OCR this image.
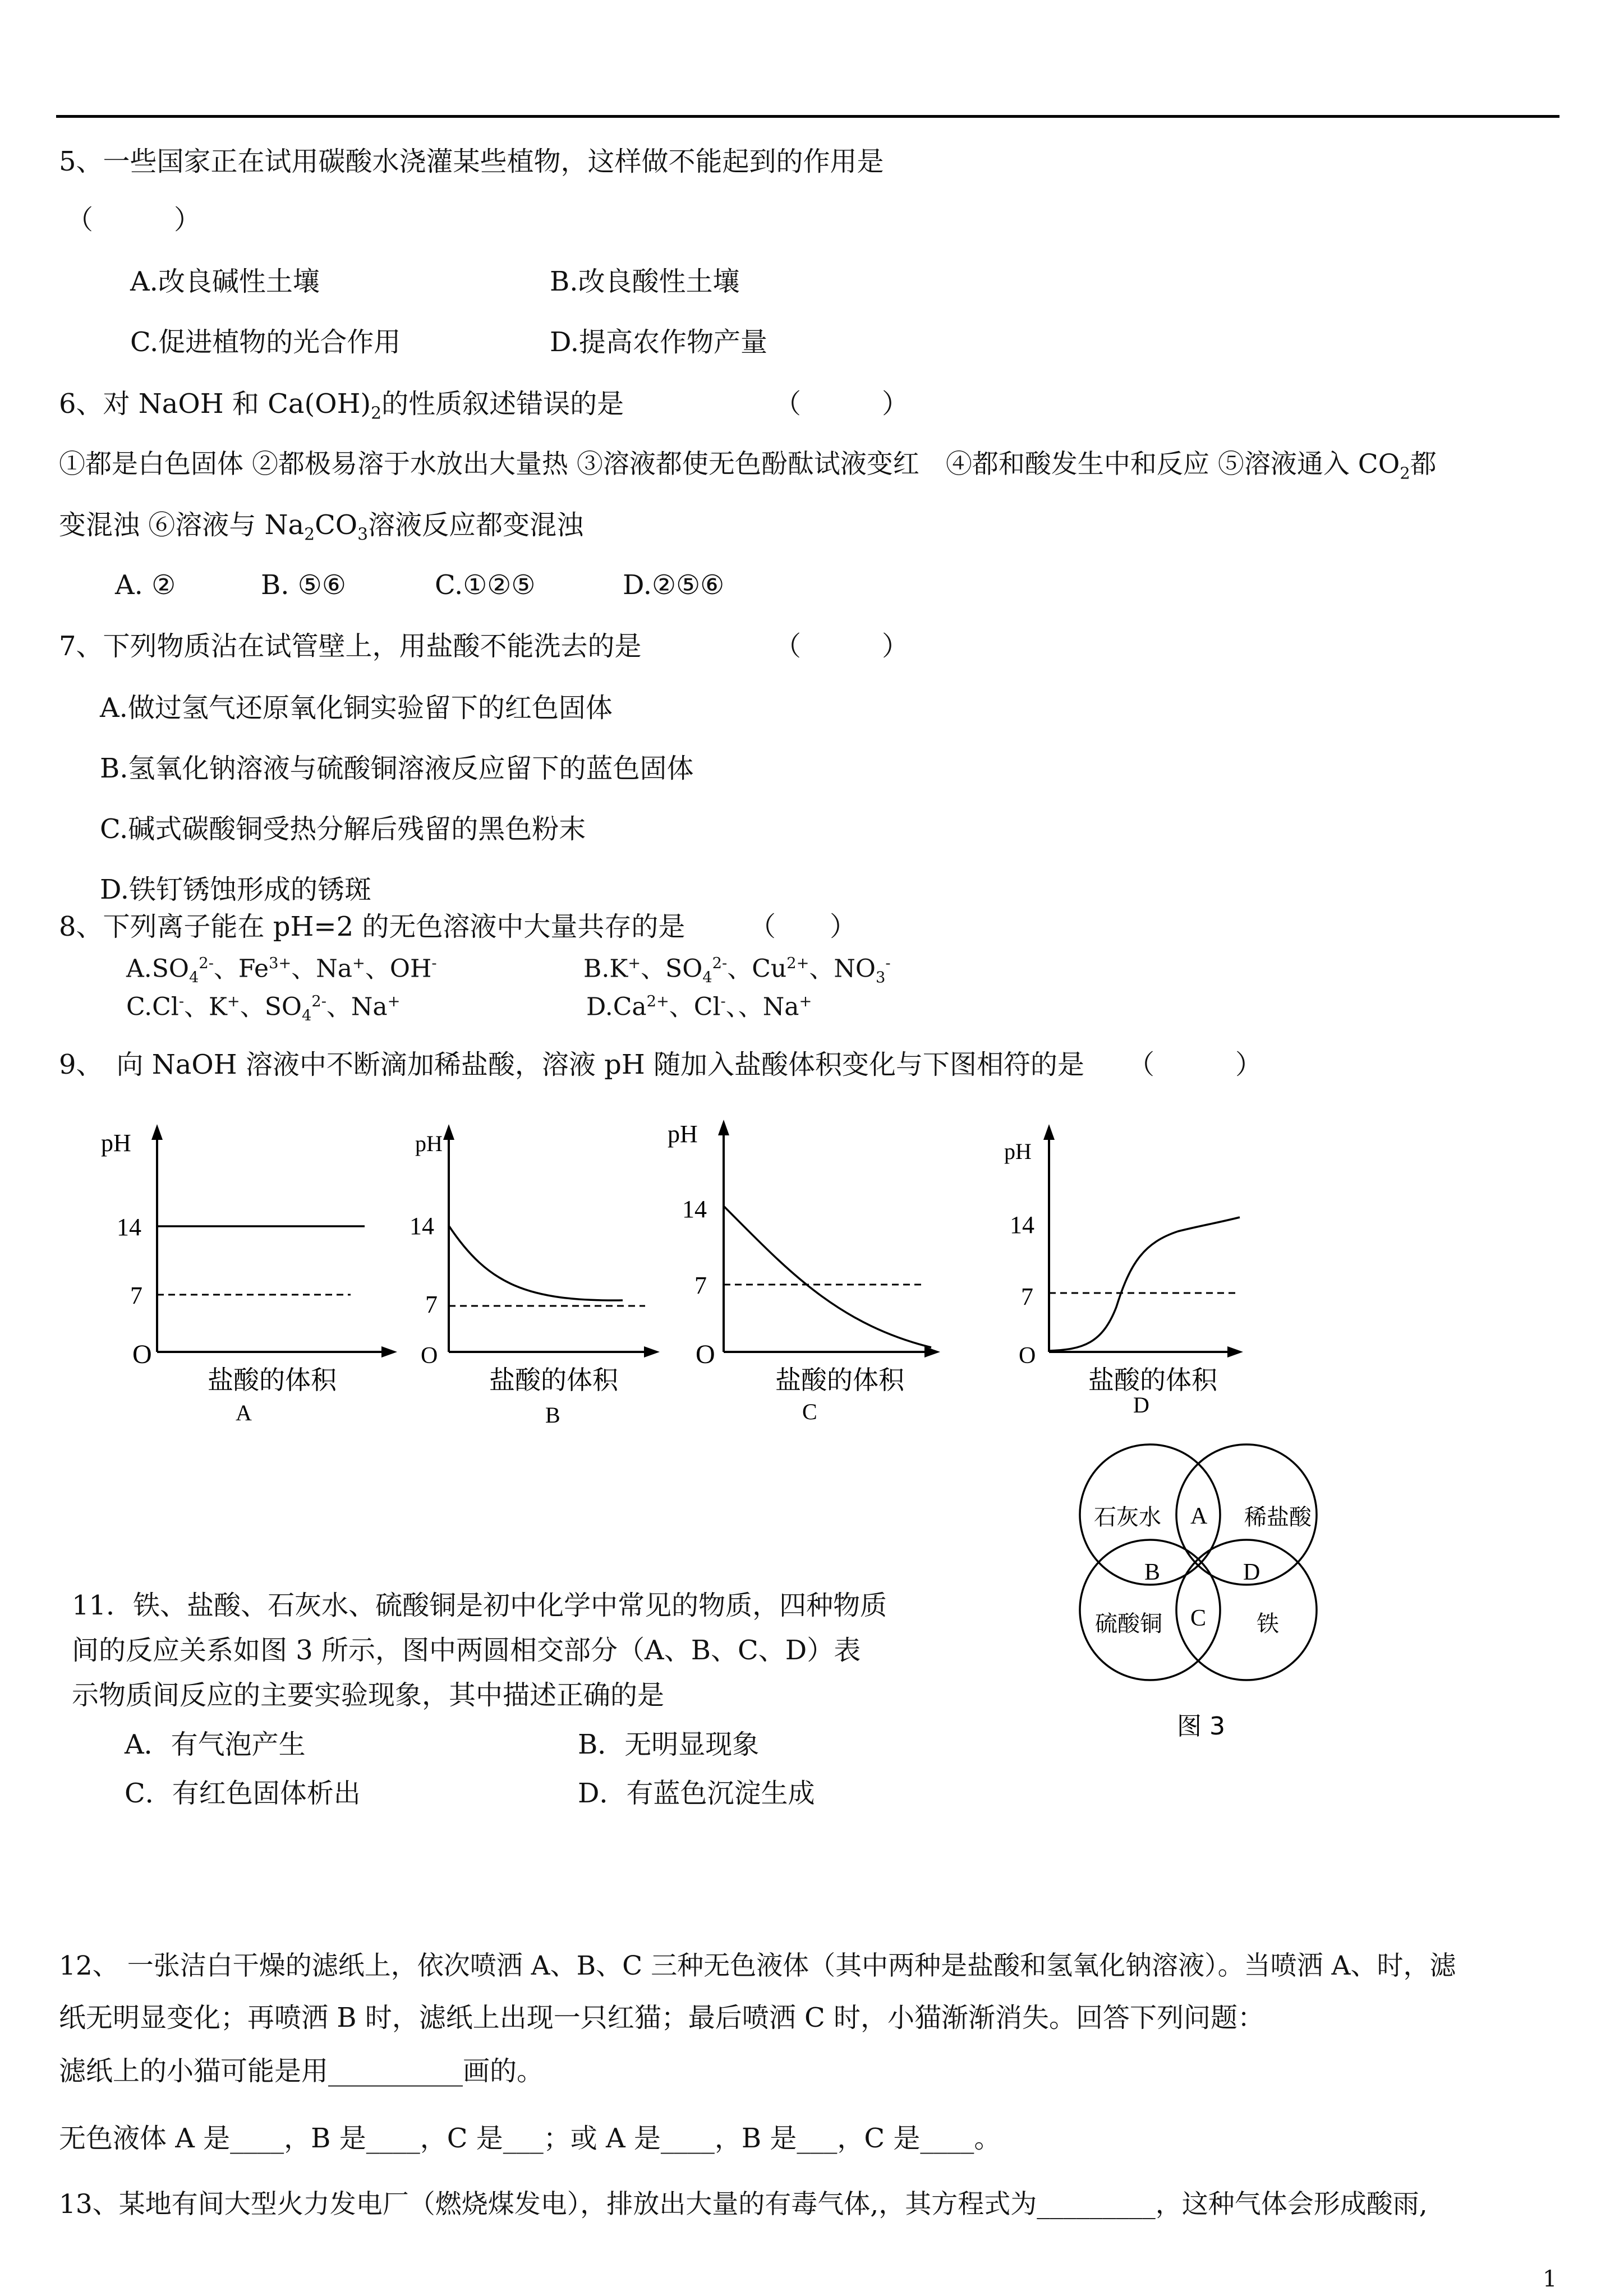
5、一些国家正在试用碳酸水浇灌某些植物，这样做不能起到的作用是
（　　　）
A.改良碱性土壤	B.改良酸性土壤
C.促进植物的光合作用	D.提高农作物产量
6、对 NaOH 和 $Ca(OH)_2$的性质叙述错误的是	（　　　）
①都是白色固体 ②都极易溶于水放出大量热 ③溶液都使无色酚酞试液变红　④都和酸发生中和反应 ⑤溶液通入 $CO_2$都
变混浊 ⑥溶液与 $Na_2CO_3$溶液反应都变混浊
A. ②	B. ⑤⑥	C.①②⑤	D.②⑤⑥
7、下列物质沾在试管壁上，用盐酸不能洗去的是	（　　　）
A.做过氢气还原氧化铜实验留下的红色固体
B.氢氧化钠溶液与硫酸铜溶液反应留下的蓝色固体
C.碱式碳酸铜受热分解后残留的黑色粉末
D.铁钉锈蚀形成的锈斑
8、下列离子能在 pH=2 的无色溶液中大量共存的是 （　　）
$A.SO_4^{2-}$、$Fe^{3+}$、Na+、OH-	B.K+、$SO_4^{2-}$、$Cu^{2+}$、$NO_3^-$
C.Cl-、K+、$SO_4^{2-}$、Na+	$D.Ca^{2+}$、Cl-、、Na+
9、　向 NaOH 溶液中不断滴加稀盐酸，溶液 pH 随加入盐酸体积变化与下图相符的是 （　　　）
pH
14
7
O
盐酸的体积
A
pH
14
7
O
盐酸的体积
B
pH
14
7
O
盐酸的体积
C
pH
14
7
O
盐酸的体积
D
石灰水	稀盐酸
硫酸铜	铁
A
B
C
D
图 3
11．铁、盐酸、石灰水、硫酸铜是初中化学中常见的物质，四种物质
间的反应关系如图 3 所示，图中两圆相交部分（A、B、C、D）表
示物质间反应的主要实验现象，其中描述正确的是
A．有气泡产生	B．无明显现象
C．有红色固体析出	D．有蓝色沉淀生成
12、 一张洁白干燥的滤纸上，依次喷洒 A、B、C 三种无色液体（其中两种是盐酸和氢氧化钠溶液）。当喷洒 A、时，滤
纸无明显变化；再喷洒 B 时，滤纸上出现一只红猫；最后喷洒 C 时，小猫渐渐消失。回答下列问题：
滤纸上的小猫可能是用__________画的。
无色液体 A 是____，B 是____，C 是___；或 A 是____，B 是___，C 是____。
13、某地有间大型火力发电厂（燃烧煤发电），排放出大量的有毒气体,，其方程式为_________，这种气体会形成酸雨,
1
